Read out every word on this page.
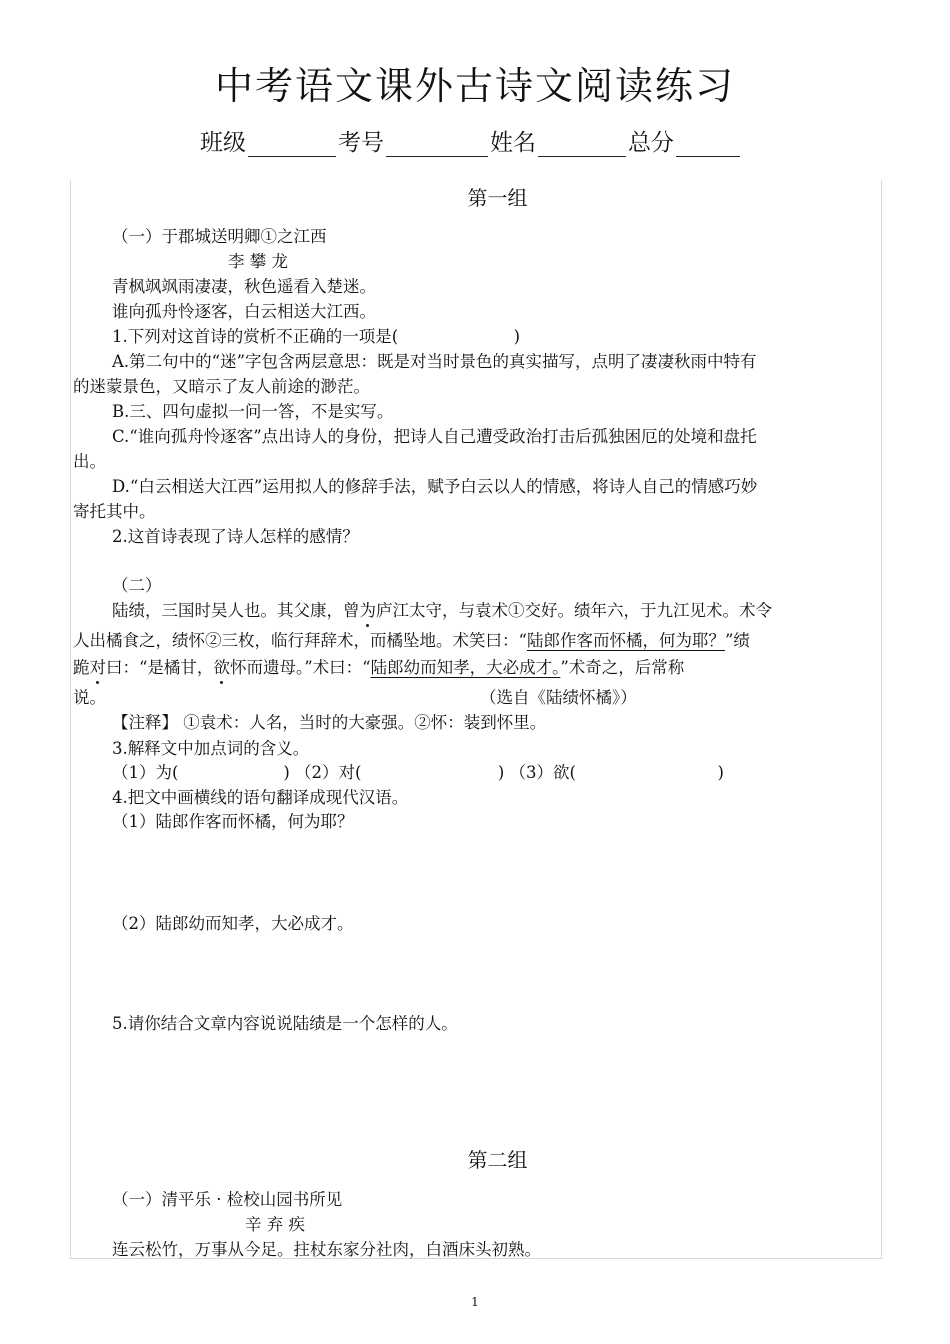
中考语文课外古诗文阅读练习
班级	考号	姓名	总分
第一组
（一）于郡城送明卿①之江西
李 攀 龙
青枫飒飒雨凄凄，秋色遥看入楚迷。
谁向孤舟怜逐客，白云相送大江西。
1.下列对这首诗的赏析不正确的一项是(                      )
A.第二句中的“迷”字包含两层意思：既是对当时景色的真实描写，点明了凄凄秋雨中特有
的迷蒙景色，又暗示了友人前途的渺茫。
B.三、四句虚拟一问一答，不是实写。
C.“谁向孤舟怜逐客”点出诗人的身份，把诗人自己遭受政治打击后孤独困厄的处境和盘托
出。
D.“白云相送大江西”运用拟人的修辞手法，赋予白云以人的情感，将诗人自己的情感巧妙
寄托其中。
2.这首诗表现了诗人怎样的感情？
（二）
陆绩，三国时吴人也。其父康，曾为庐江太守，与袁术①交好。绩年六，于九江见术。术令
人出橘食之，绩怀②三枚，临行拜辞术，而橘坠地。术笑曰：“陆郎作客而怀橘，何为耶？”绩
跪对曰：“是橘甘，欲怀而遗母。”术曰：“陆郎幼而知孝，大必成才。”术奇之，后常称
说。	（选自《陆绩怀橘》）
【注释】 ①袁术：人名，当时的大豪强。②怀：装到怀里。
3.解释文中加点词的含义。
（1）为(                    ) （2）对(                          ) （3）欲(                           )
4.把文中画横线的语句翻译成现代汉语。
（1）陆郎作客而怀橘，何为耶？
（2）陆郎幼而知孝，大必成才。
5.请你结合文章内容说说陆绩是一个怎样的人。
第二组
（一）清平乐 · 检校山园书所见
辛 弃 疾
连云松竹，万事从今足。拄杖东家分社肉，白酒床头初熟。
1
